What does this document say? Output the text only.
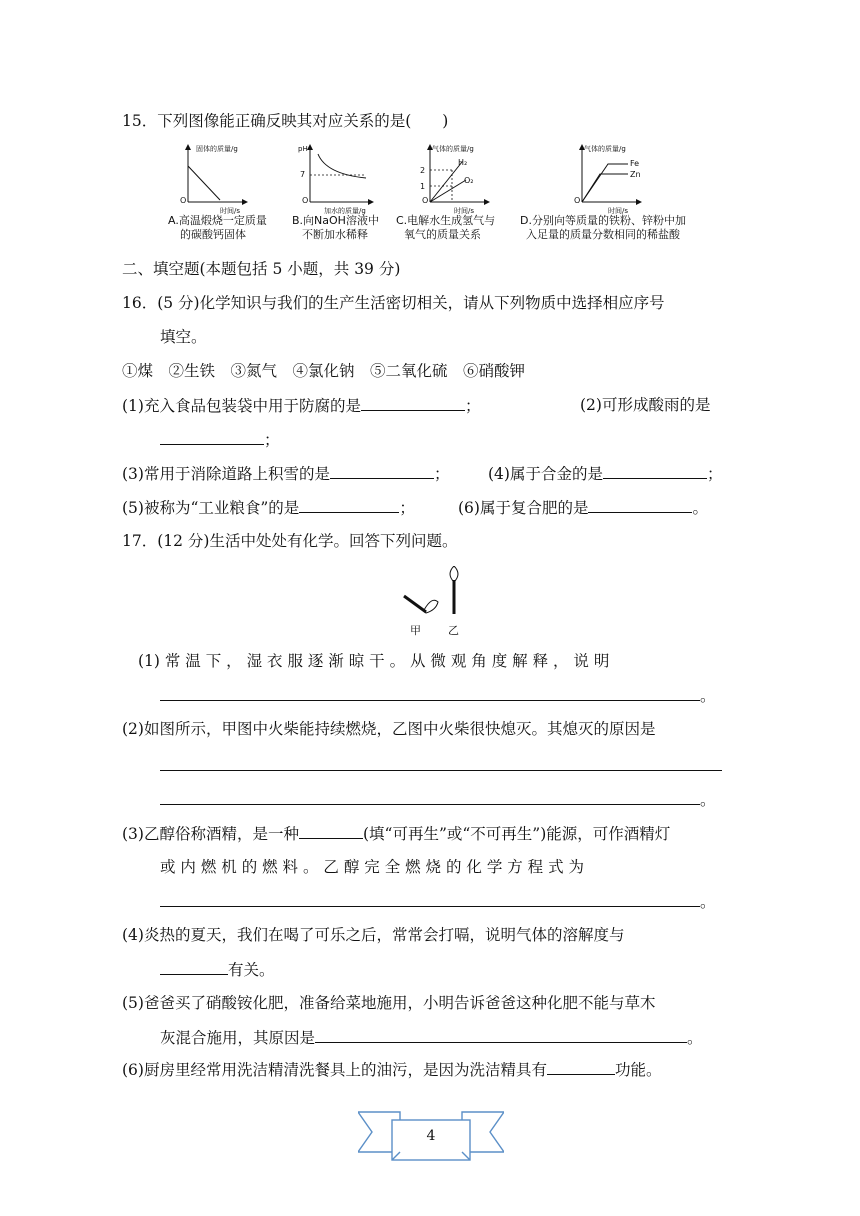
15．下列图像能正确反映其对应关系的是(　　)
固体的质量/g
O
时间/s
A.高温煅烧一定质量
的碳酸钙固体
pH
7
O
加水的质量/g
B.向NaOH溶液中
不断加水稀释
气体的质量/g
2
1
O
H₂
O₂
时间/s
C.电解水生成氢气与
氧气的质量关系
气体的质量/g
O
Fe
Zn
时间/s
D.分别向等质量的铁粉、锌粉中加
入足量的质量分数相同的稀盐酸
二、填空题(本题包括 5 小题，共 39 分)
16．(5 分)化学知识与我们的生产生活密切相关，请从下列物质中选择相应序号
填空。
①煤　②生铁　③氮气　④氯化钠　⑤二氧化硫　⑥硝酸钾
(1)充入食品包装袋中用于防腐的是	；	(2)可形成酸雨的是
；
(3)常用于消除道路上积雪的是	； (4)属于合金的是	；
(5)被称为“工业粮食”的是	；	(6)属于复合肥的是	。
17．(12 分)生活中处处有化学。回答下列问题。
甲 乙
(1) 常 温 下 ， 湿 衣 服 逐 渐 晾 干 。 从 微 观 角 度 解 释 ， 说 明
。
(2)如图所示，甲图中火柴能持续燃烧，乙图中火柴很快熄灭。其熄灭的原因是
。
(3)乙醇俗称酒精，是一种	(填“可再生”或“不可再生”)能源，可作酒精灯
或 内 燃 机 的 燃 料 。 乙 醇 完 全 燃 烧 的 化 学 方 程 式 为
。
(4)炎热的夏天，我们在喝了可乐之后，常常会打嗝，说明气体的溶解度与
有关。
(5)爸爸买了硝酸铵化肥，准备给菜地施用，小明告诉爸爸这种化肥不能与草木
灰混合施用，其原因是	。
(6)厨房里经常用洗洁精清洗餐具上的油污，是因为洗洁精具有	功能。
4
